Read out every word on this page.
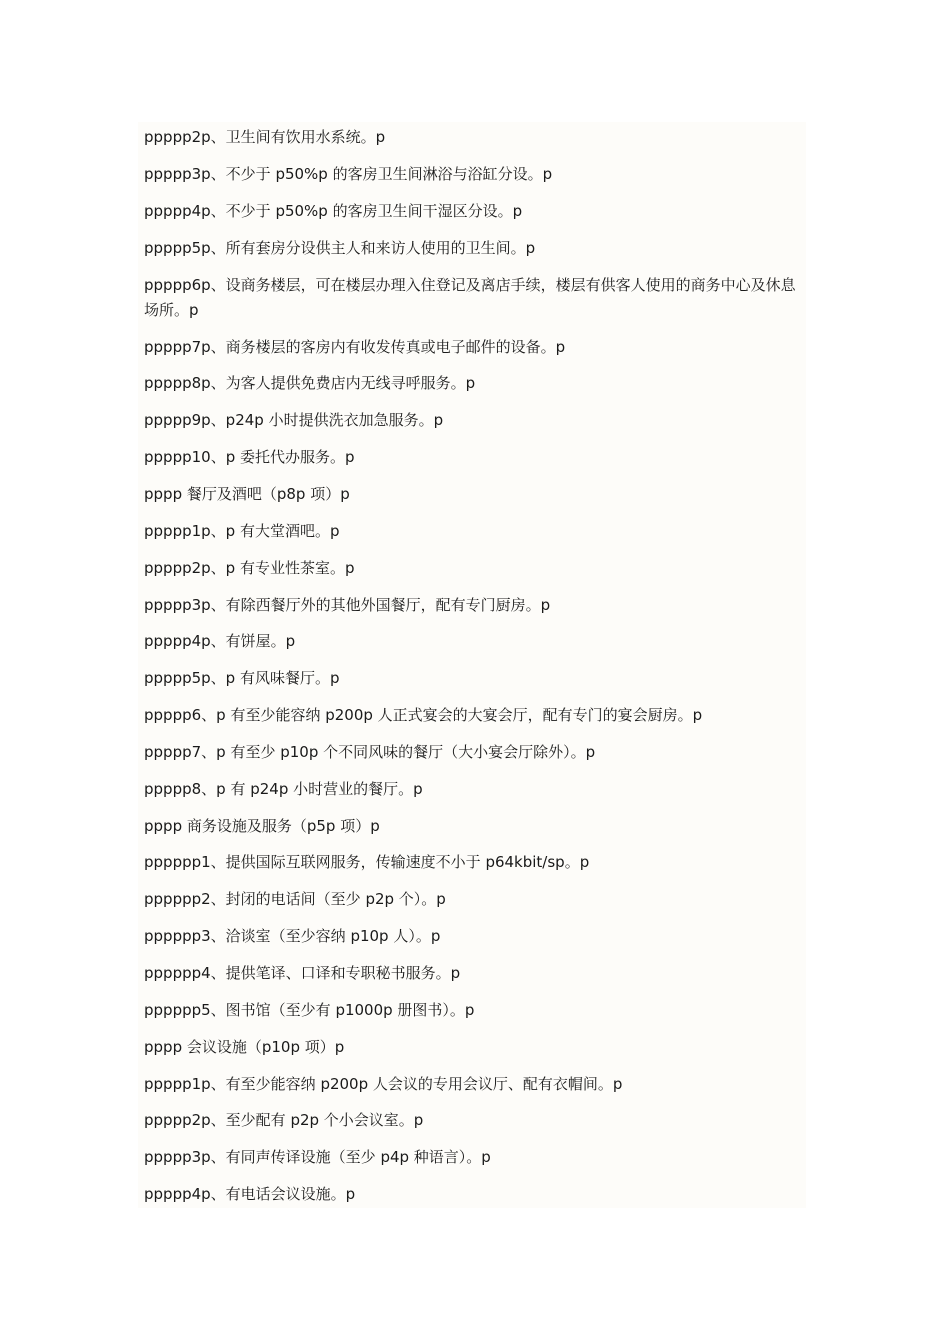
ppppp2p、卫生间有饮用水系统。p
ppppp3p、不少于 p50%p 的客房卫生间淋浴与浴缸分设。p
ppppp4p、不少于 p50%p 的客房卫生间干湿区分设。p
ppppp5p、所有套房分设供主人和来访人使用的卫生间。p
ppppp6p、设商务楼层，可在楼层办理入住登记及离店手续，楼层有供客人使用的商务中心及休息场所。p
ppppp7p、商务楼层的客房内有收发传真或电子邮件的设备。p
ppppp8p、为客人提供免费店内无线寻呼服务。p
ppppp9p、p24p 小时提供洗衣加急服务。p
ppppp10、p 委托代办服务。p
pppp 餐厅及酒吧（p8p 项）p
ppppp1p、p 有大堂酒吧。p
ppppp2p、p 有专业性茶室。p
ppppp3p、有除西餐厅外的其他外国餐厅，配有专门厨房。p
ppppp4p、有饼屋。p
ppppp5p、p 有风味餐厅。p
ppppp6、p 有至少能容纳 p200p 人正式宴会的大宴会厅，配有专门的宴会厨房。p
ppppp7、p 有至少 p10p 个不同风味的餐厅（大小宴会厅除外）。p
ppppp8、p 有 p24p 小时营业的餐厅。p
pppp 商务设施及服务（p5p 项）p
pppppp1、提供国际互联网服务，传输速度不小于 p64kbit/sp。p
pppppp2、封闭的电话间（至少 p2p 个）。p
pppppp3、洽谈室（至少容纳 p10p 人）。p
pppppp4、提供笔译、口译和专职秘书服务。p
pppppp5、图书馆（至少有 p1000p 册图书）。p
pppp 会议设施（p10p 项）p
ppppp1p、有至少能容纳 p200p 人会议的专用会议厅、配有衣帽间。p
ppppp2p、至少配有 p2p 个小会议室。p
ppppp3p、有同声传译设施（至少 p4p 种语言）。p
ppppp4p、有电话会议设施。p
